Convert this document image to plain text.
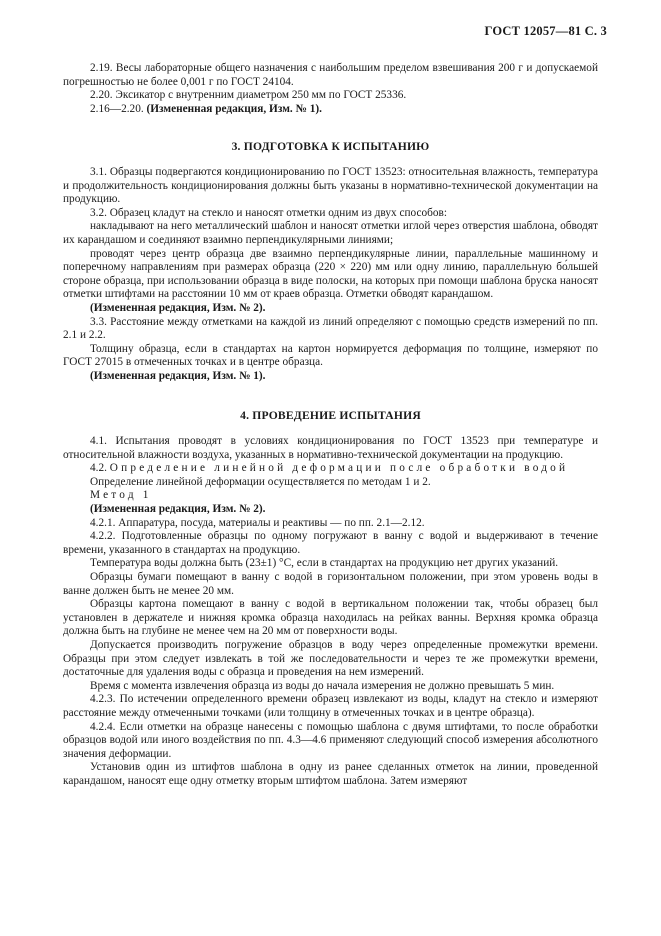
ГОСТ 12057—81 С. 3

2.19. Весы лабораторные общего назначения с наибольшим пределом взвешивания 200 г и допускаемой погрешностью не более 0,001 г по ГОСТ 24104.

2.20. Эксикатор с внутренним диаметром 250 мм по ГОСТ 25336.

2.16—2.20. (Измененная редакция, Изм. № 1).

3. ПОДГОТОВКА К ИСПЫТАНИЮ

3.1. Образцы подвергаются кондиционированию по ГОСТ 13523: относительная влажность, температура и продолжительность кондиционирования должны быть указаны в нормативно-технической документации на продукцию.

3.2. Образец кладут на стекло и наносят отметки одним из двух способов:

накладывают на него металлический шаблон и наносят отметки иглой через отверстия шаблона, обводят их карандашом и соединяют взаимно перпендикулярными линиями;

проводят через центр образца две взаимно перпендикулярные линии, параллельные машинному и поперечному направлениям при размерах образца (220 × 220) мм или одну линию, параллельную бо́льшей стороне образца, при использовании образца в виде полоски, на которых при помощи шаблона бруска наносят отметки штифтами на расстоянии 10 мм от краев образца. Отметки обводят карандашом.

(Измененная редакция, Изм. № 2).

3.3. Расстояние между отметками на каждой из линий определяют с помощью средств измерений по пп. 2.1 и 2.2.

Толщину образца, если в стандартах на картон нормируется деформация по толщине, измеряют по ГОСТ 27015 в отмеченных точках и в центре образца.

(Измененная редакция, Изм. № 1).

4. ПРОВЕДЕНИЕ ИСПЫТАНИЯ

4.1. Испытания проводят в условиях кондиционирования по ГОСТ 13523 при температуре и относительной влажности воздуха, указанных в нормативно-технической документации на продукцию.

4.2. Определение линейной деформации после обработки водой

Определение линейной деформации осуществляется по методам 1 и 2.

Метод 1

(Измененная редакция, Изм. № 2).

4.2.1. Аппаратура, посуда, материалы и реактивы — по пп. 2.1—2.12.

4.2.2. Подготовленные образцы по одному погружают в ванну с водой и выдерживают в течение времени, указанного в стандартах на продукцию.

Температура воды должна быть (23±1) °С, если в стандартах на продукцию нет других указаний.

Образцы бумаги помещают в ванну с водой в горизонтальном положении, при этом уровень воды в ванне должен быть не менее 20 мм.

Образцы картона помещают в ванну с водой в вертикальном положении так, чтобы образец был установлен в держателе и нижняя кромка образца находилась на рейках ванны. Верхняя кромка образца должна быть на глубине не менее чем на 20 мм от поверхности воды.

Допускается производить погружение образцов в воду через определенные промежутки времени. Образцы при этом следует извлекать в той же последовательности и через те же промежутки времени, достаточные для удаления воды с образца и проведения на нем измерений.

Время с момента извлечения образца из воды до начала измерения не должно превышать 5 мин.

4.2.3. По истечении определенного времени образец извлекают из воды, кладут на стекло и измеряют расстояние между отмеченными точками (или толщину в отмеченных точках и в центре образца).

4.2.4. Если отметки на образце нанесены с помощью шаблона с двумя штифтами, то после обработки образцов водой или иного воздействия по пп. 4.3—4.6 применяют следующий способ измерения абсолютного значения деформации.

Установив один из штифтов шаблона в одну из ранее сделанных отметок на линии, проведенной карандашом, наносят еще одну отметку вторым штифтом шаблона. Затем измеряют
